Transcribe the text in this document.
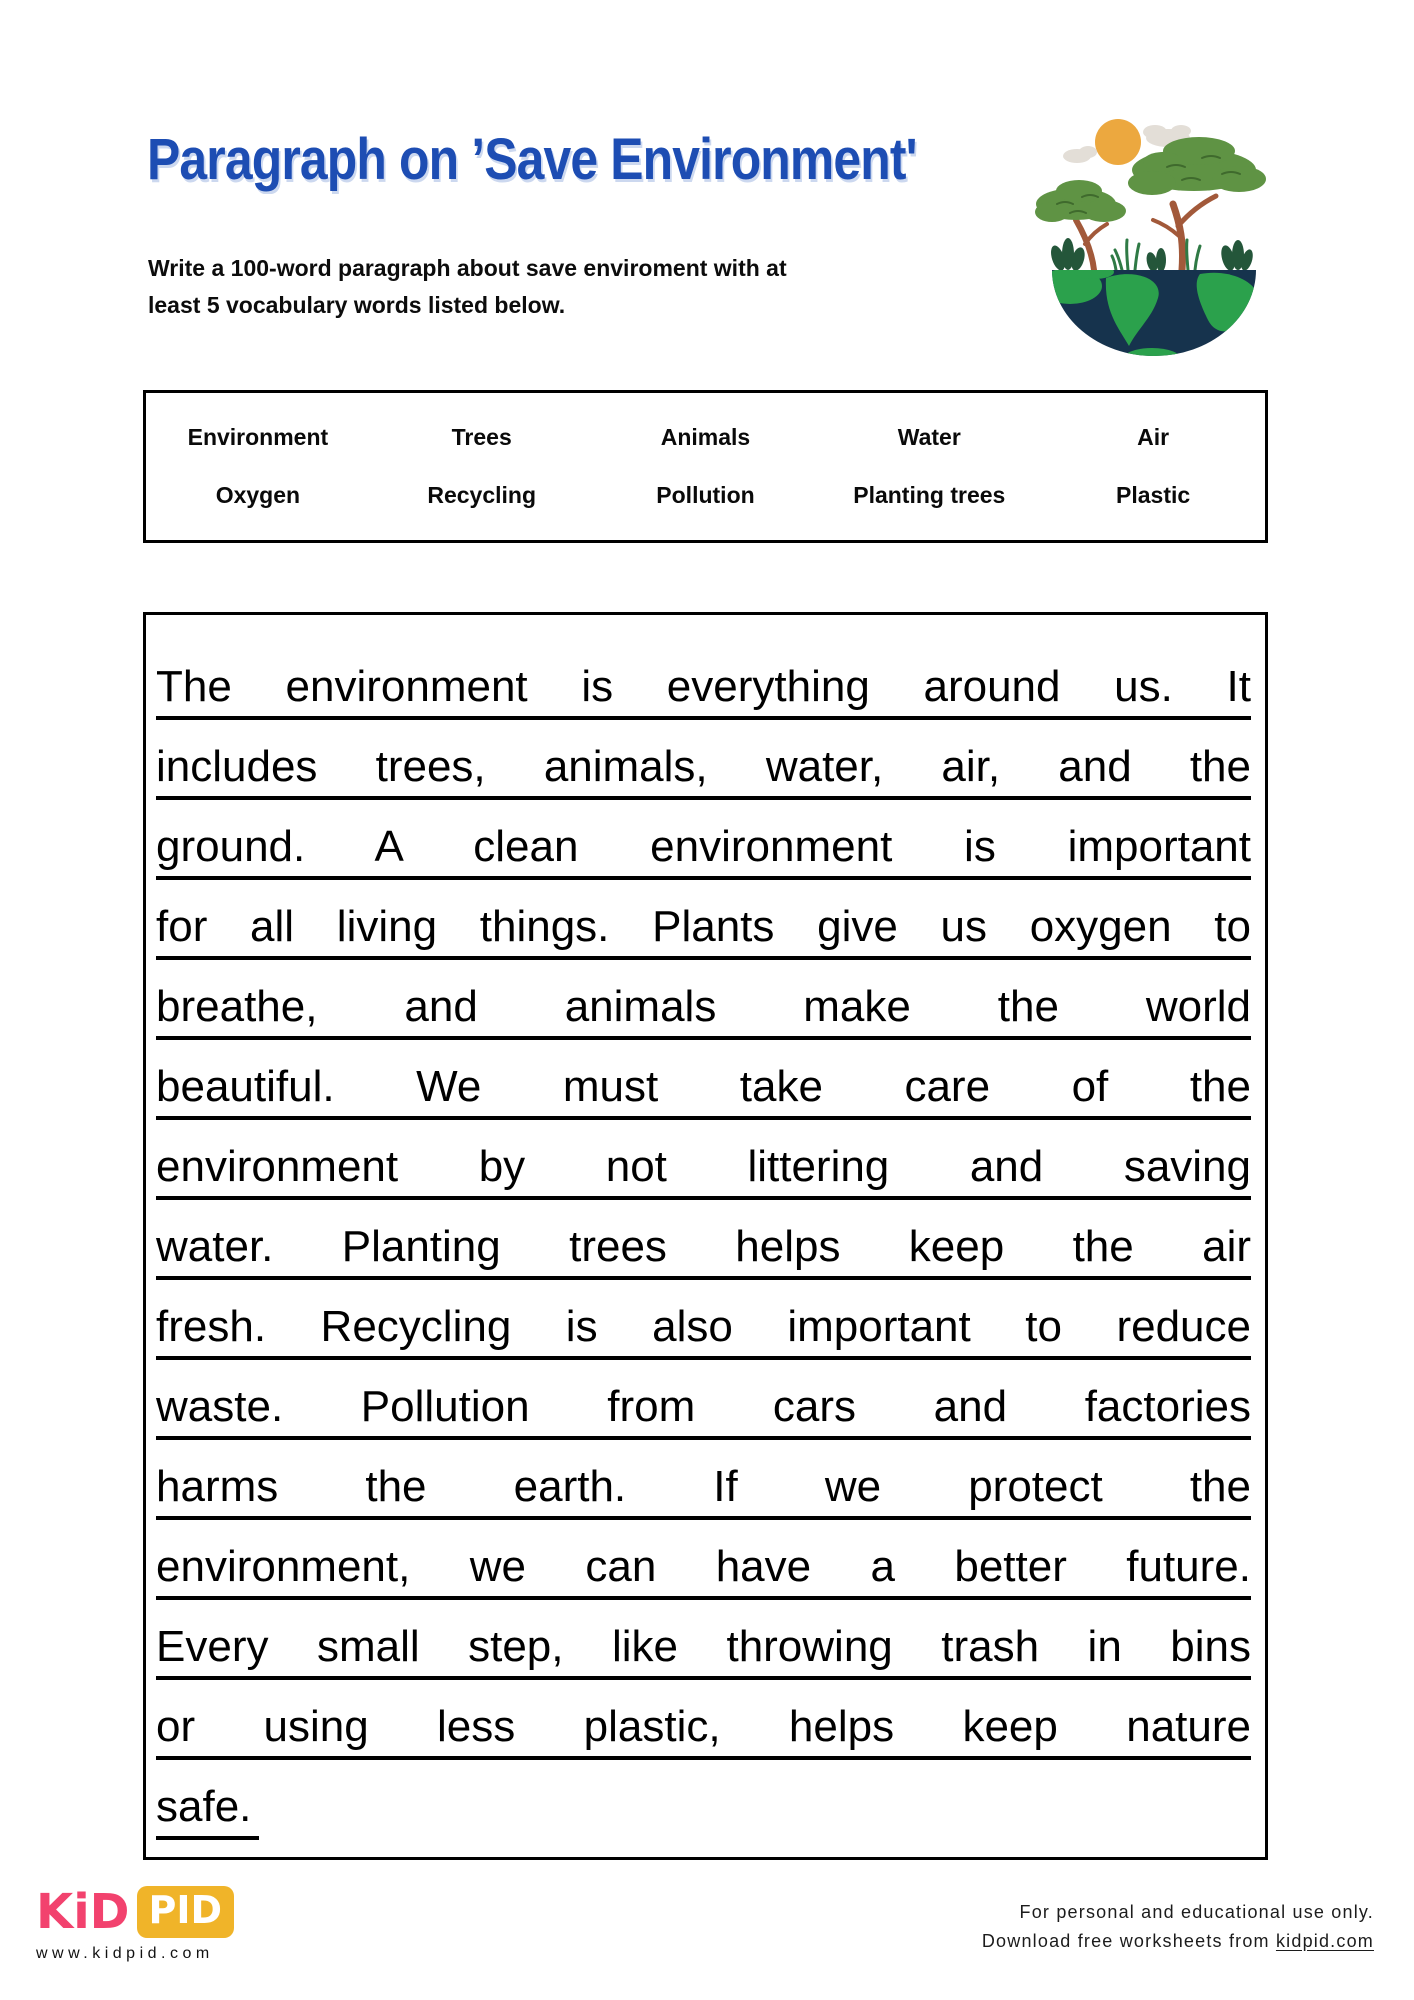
Paragraph on ’Save Environment'

Write a 100-word paragraph about save enviroment with at
least 5 vocabulary words listed below.

Environment	Trees	Animals	Water	Air
Oxygen	Recycling	Pollution	Planting trees	Plastic
The environment is everything around us. It
includes trees, animals, water, air, and the
ground. A clean environment is important
for all living things. Plants give us oxygen to
breathe, and animals make the world
beautiful. We must take care of the
environment by not littering and saving
water. Planting trees helps keep the air
fresh. Recycling is also important to reduce
waste. Pollution from cars and factories
harms the earth. If we protect the
environment, we can have a better future.
Every small step, like throwing trash in bins
or using less plastic, helps keep nature
safe.
KiD PID
www.kidpid.com
For personal and educational use only.
Download free worksheets from kidpid.com
